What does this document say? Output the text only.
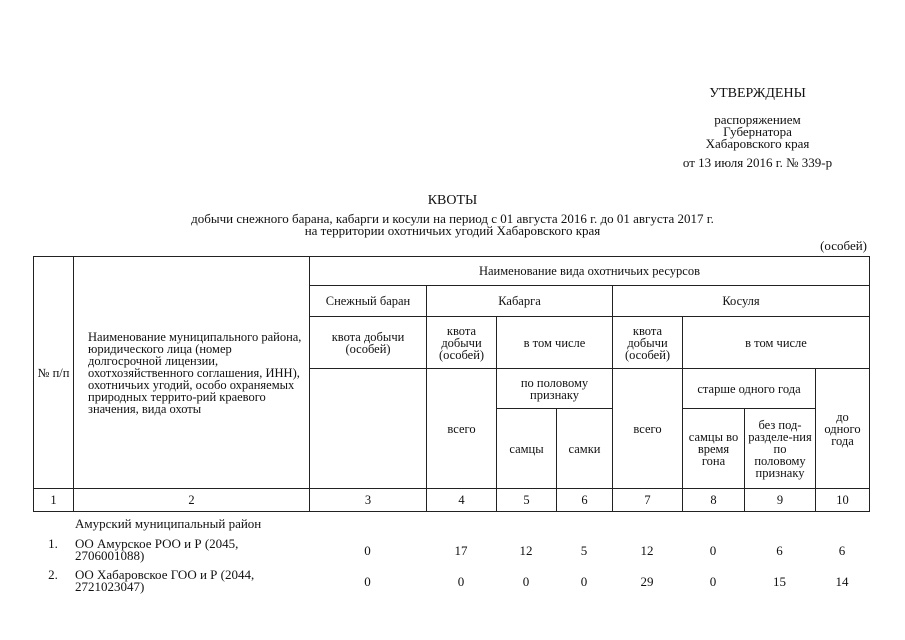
УТВЕРЖДЕНЫ
распоряжением
Губернатора
Хабаровского края
от 13 июля 2016 г. № 339-р
КВОТЫ
добычи снежного барана, кабарги и косули на период с 01 августа 2016 г. до 01 августа 2017 г.
на территории охотничьих угодий Хабаровского края
(особей)
№ п/п	Наименование муниципального района, юридического лица (номер долгосрочной лицензии, охотхозяйственного соглашения, ИНН), охотничьих угодий, особо охраняемых природных террито-рий краевого значения, вида охоты	Наименование вида охотничьих ресурсов							
		Снежный баран	Кабарга			Косуля			
		квота добычи (особей)	квота добычи (особей)	в том числе		квота добычи (особей)	в том числе		
			всего	по половому признаку		всего	старше одного года		до одного года
				самцы	самки		самцы во время гона	без под-разделе-ния по половому признаку	
1	2	3	4	5	6	7	8	9	10
Амурский муниципальный район
1.	ОО Амурское РОО и Р (2045, 2706001088)	0	17	12	5	12	0	6	6
2.	ОО Хабаровское ГОО и Р (2044, 2721023047)	0	0	0	0	29	0	15	14
